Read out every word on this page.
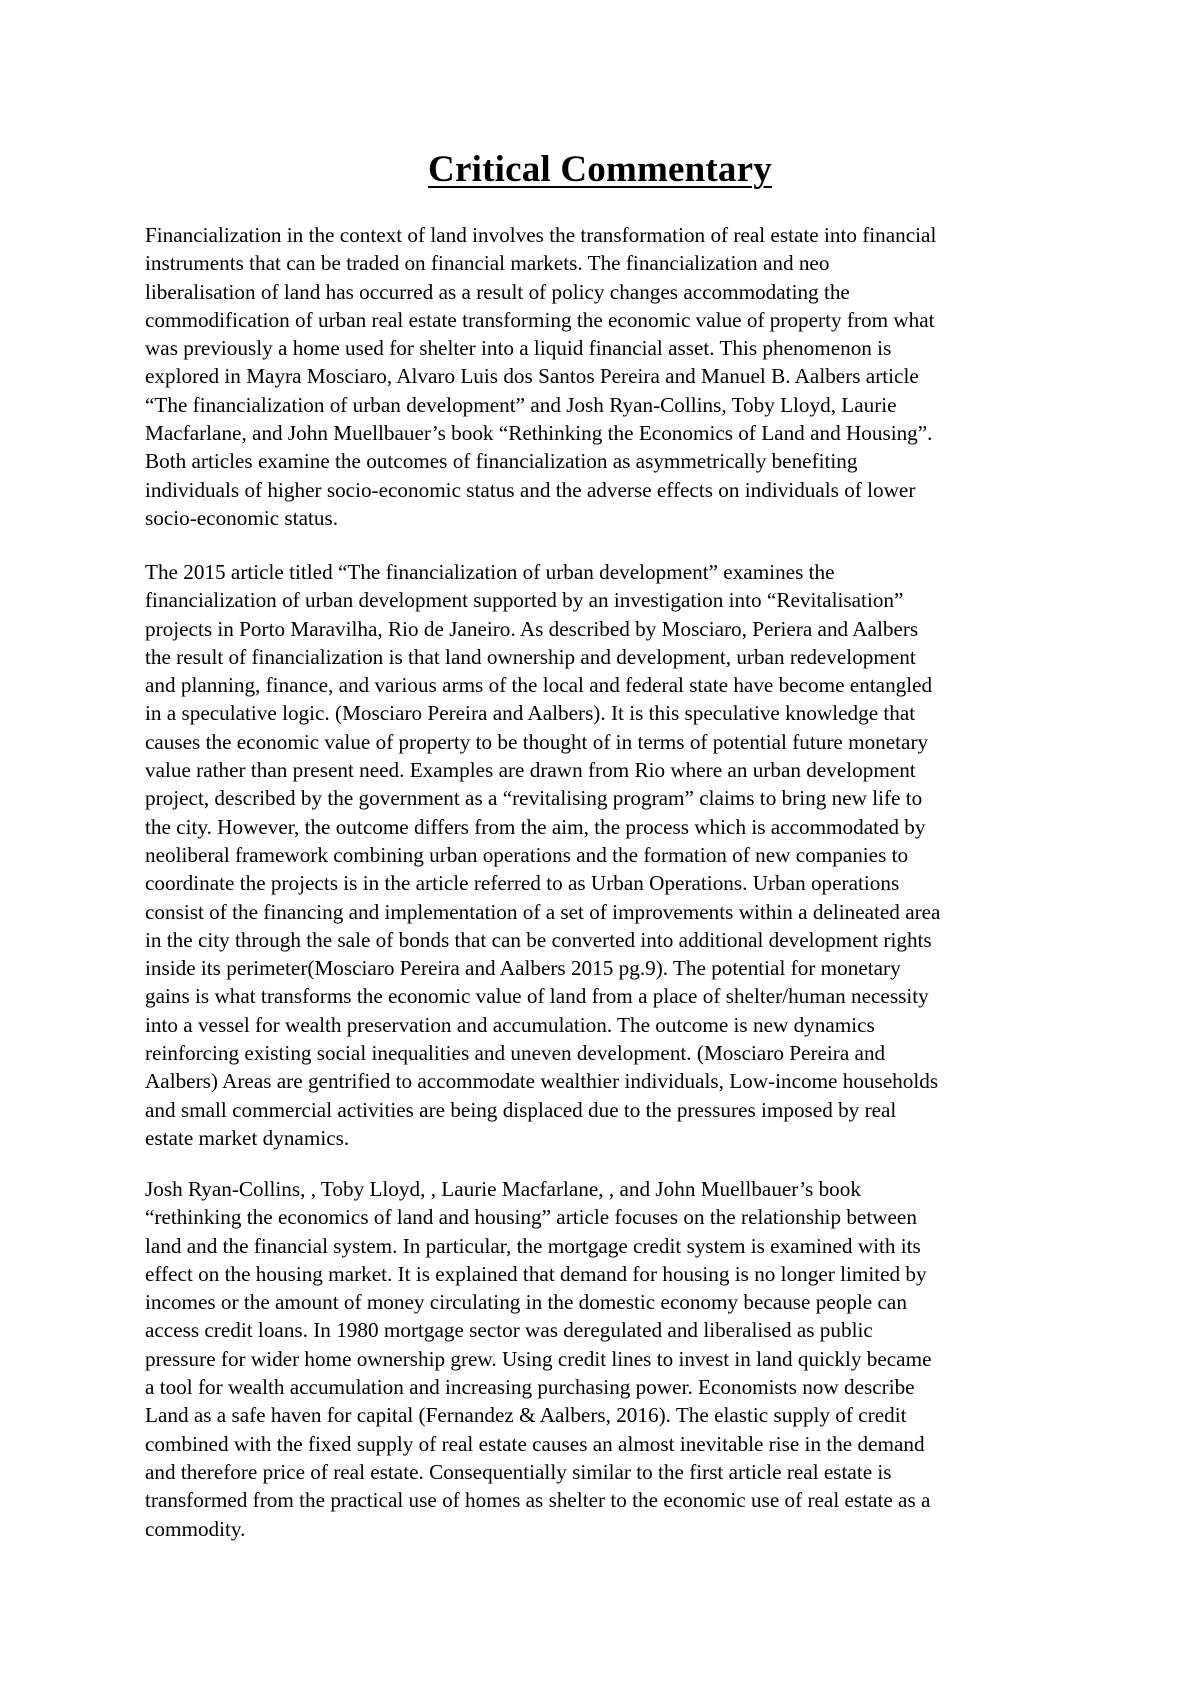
Critical Commentary
Financialization in the context of land involves the transformation of real estate into financial
instruments that can be traded on financial markets. The financialization and neo
liberalisation of land has occurred as a result of policy changes accommodating the
commodification of urban real estate transforming the economic value of property from what
was previously a home used for shelter into a liquid financial asset. This phenomenon is
explored in Mayra Mosciaro, Alvaro Luis dos Santos Pereira and Manuel B. Aalbers article
“The financialization of urban development” and Josh Ryan-Collins, Toby Lloyd, Laurie
Macfarlane, and John Muellbauer’s book “Rethinking the Economics of Land and Housing”.
Both articles examine the outcomes of financialization as asymmetrically benefiting
individuals of higher socio-economic status and the adverse effects on individuals of lower
socio-economic status.
The 2015 article titled “The financialization of urban development” examines the
financialization of urban development supported by an investigation into “Revitalisation”
projects in Porto Maravilha, Rio de Janeiro. As described by Mosciaro, Periera and Aalbers
the result of financialization is that land ownership and development, urban redevelopment
and planning, finance, and various arms of the local and federal state have become entangled
in a speculative logic. (Mosciaro Pereira and Aalbers). It is this speculative knowledge that
causes the economic value of property to be thought of in terms of potential future monetary
value rather than present need. Examples are drawn from Rio where an urban development
project, described by the government as a “revitalising program” claims to bring new life to
the city. However, the outcome differs from the aim, the process which is accommodated by
neoliberal framework combining urban operations and the formation of new companies to
coordinate the projects is in the article referred to as Urban Operations. Urban operations
consist of the financing and implementation of a set of improvements within a delineated area
in the city through the sale of bonds that can be converted into additional development rights
inside its perimeter(Mosciaro Pereira and Aalbers 2015 pg.9). The potential for monetary
gains is what transforms the economic value of land from a place of shelter/human necessity
into a vessel for wealth preservation and accumulation. The outcome is new dynamics
reinforcing existing social inequalities and uneven development. (Mosciaro Pereira and
Aalbers) Areas are gentrified to accommodate wealthier individuals, Low-income households
and small commercial activities are being displaced due to the pressures imposed by real
estate market dynamics.
Josh Ryan-Collins, , Toby Lloyd, , Laurie Macfarlane, , and John Muellbauer’s book
“rethinking the economics of land and housing” article focuses on the relationship between
land and the financial system. In particular, the mortgage credit system is examined with its
effect on the housing market. It is explained that demand for housing is no longer limited by
incomes or the amount of money circulating in the domestic economy because people can
access credit loans. In 1980 mortgage sector was deregulated and liberalised as public
pressure for wider home ownership grew. Using credit lines to invest in land quickly became
a tool for wealth accumulation and increasing purchasing power. Economists now describe
Land as a safe haven for capital (Fernandez & Aalbers, 2016). The elastic supply of credit
combined with the fixed supply of real estate causes an almost inevitable rise in the demand
and therefore price of real estate. Consequentially similar to the first article real estate is
transformed from the practical use of homes as shelter to the economic use of real estate as a
commodity.
